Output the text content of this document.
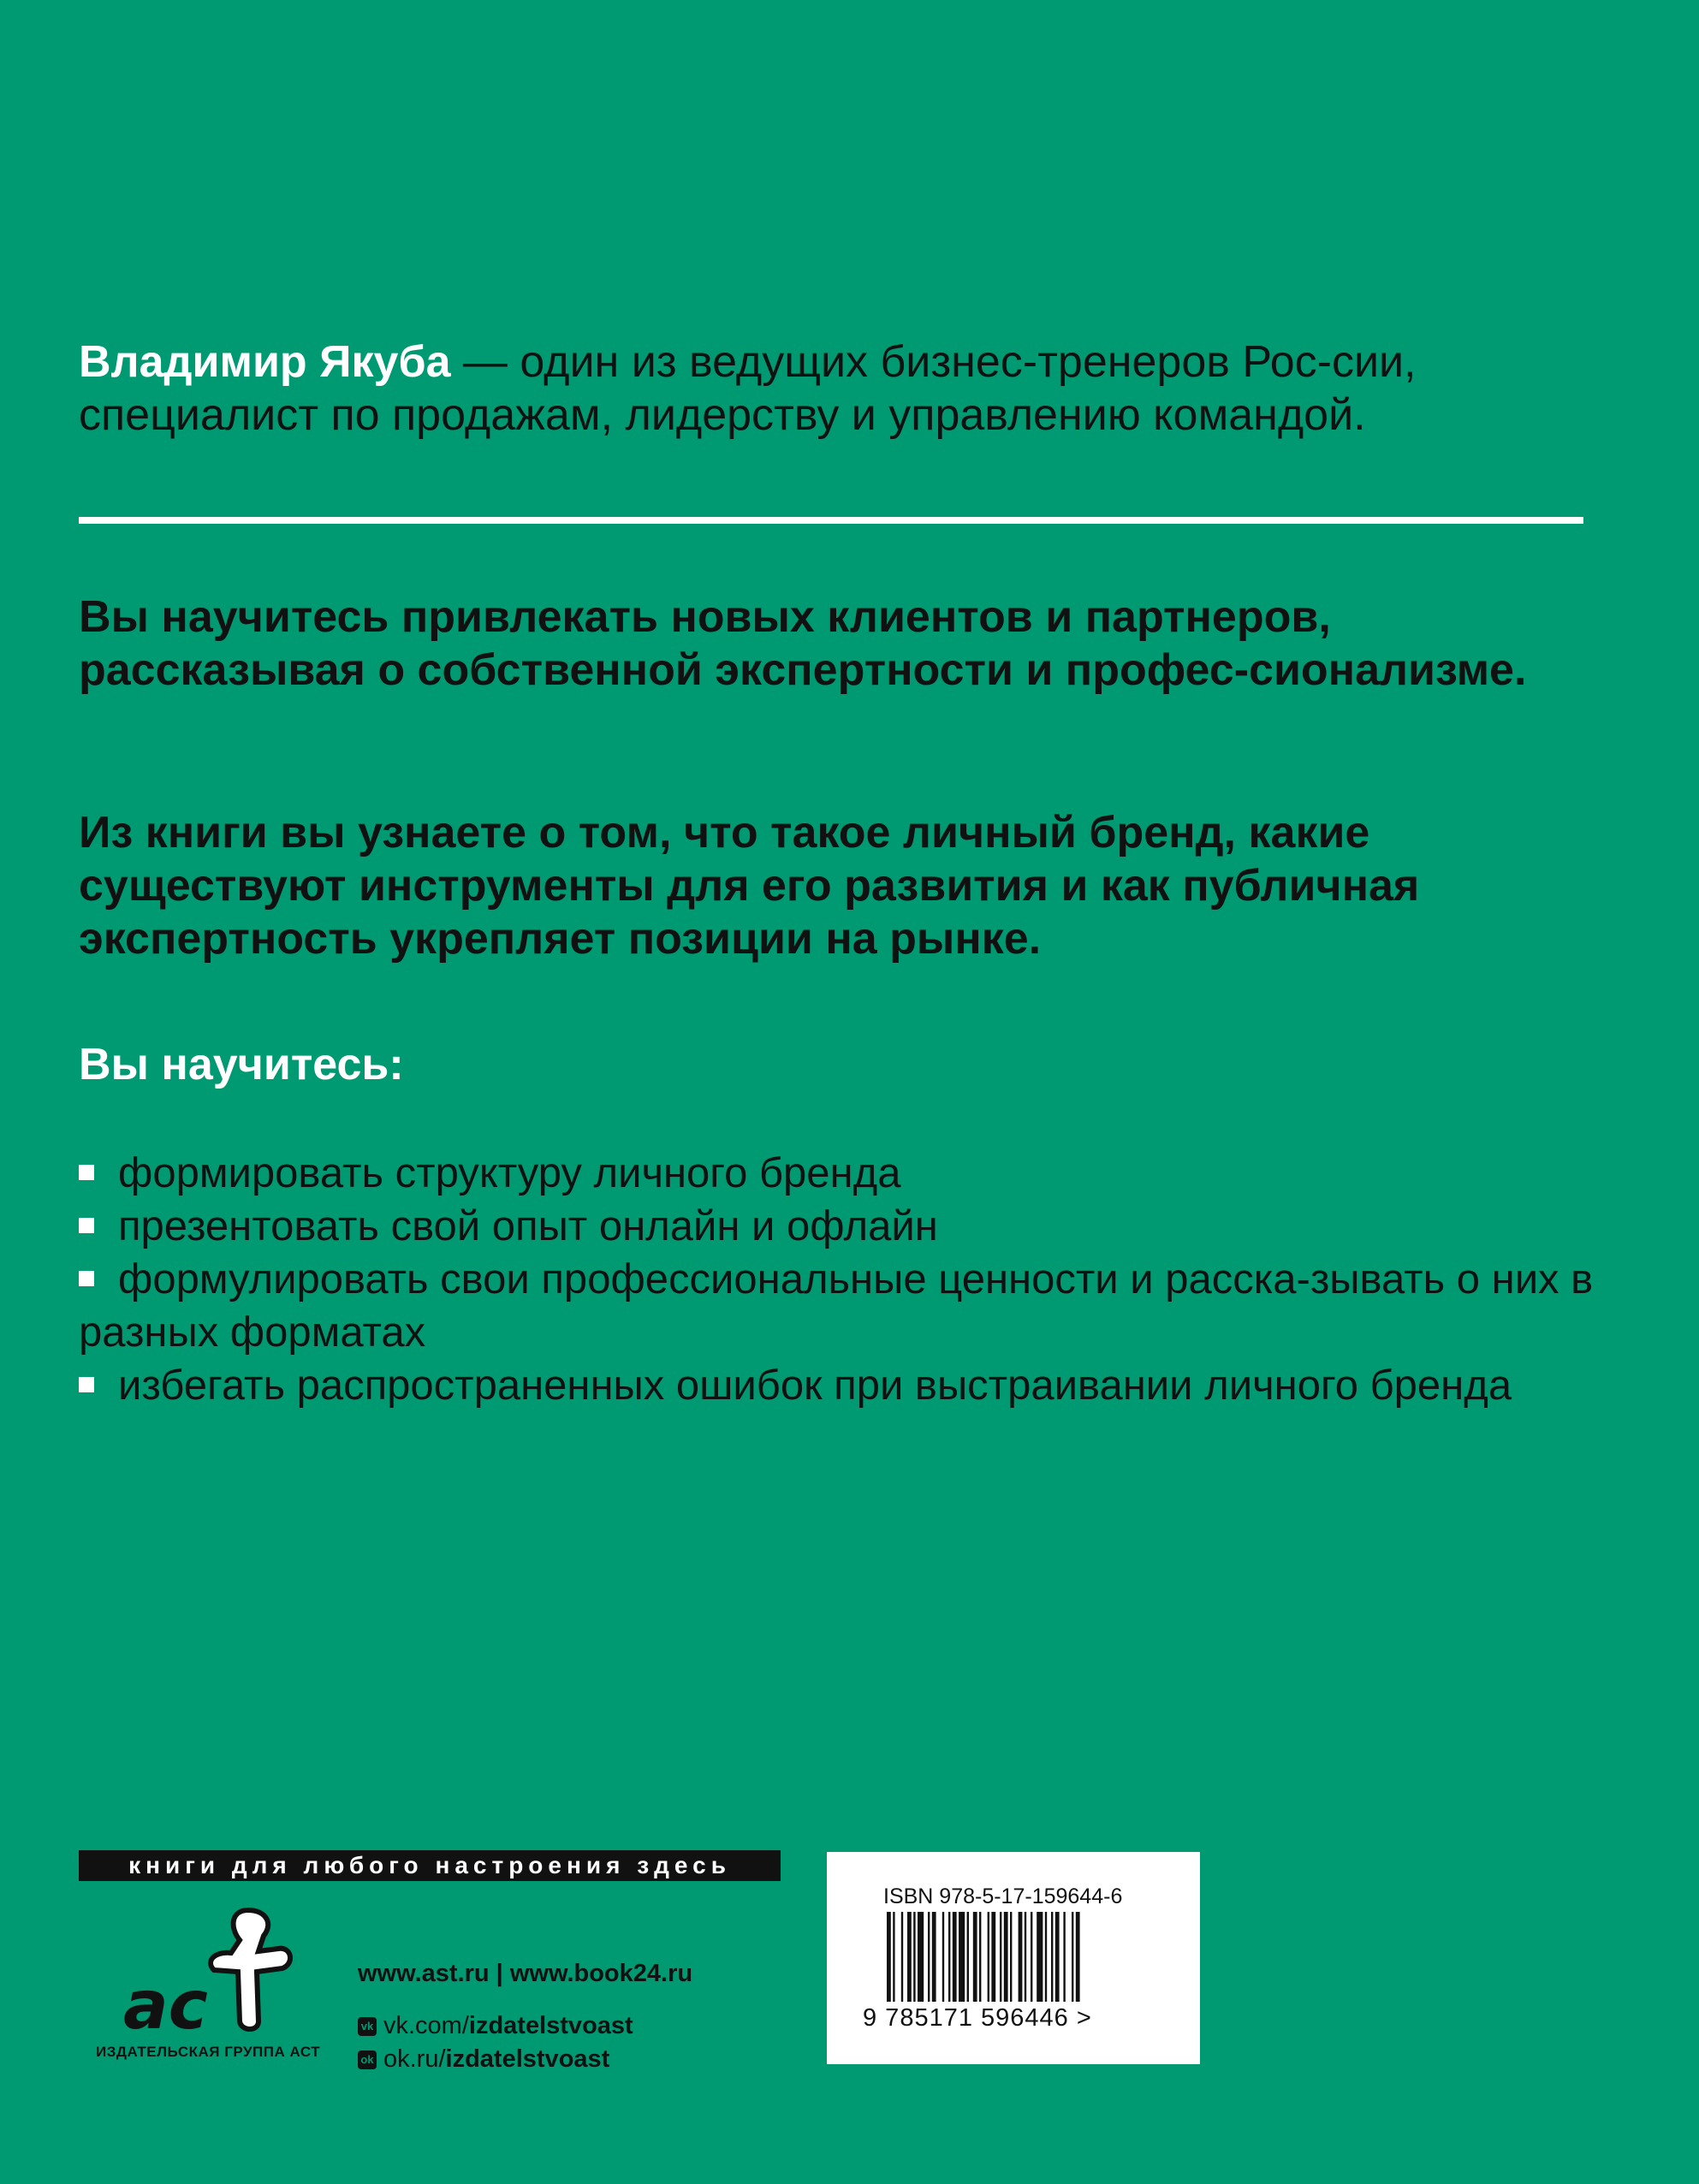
Владимир Якуба — один из ведущих бизнес-тренеров Рос-сии, специалист по продажам, лидерству и управлению командой.
Вы научитесь привлекать новых клиентов и партнеров, рассказывая о собственной экспертности и профес-сионализме.
Из книги вы узнаете о том, что такое личный бренд, какие существуют инструменты для его развития и как публичная экспертность укрепляет позиции на рынке.
Вы научитесь:
формировать структуру личного бренда
презентовать свой опыт онлайн и офлайн
формулировать свои профессиональные ценности и расска-зывать о них в разных форматах
избегать распространенных ошибок при выстраивании личного бренда
книги для любого настроения здесь
ac
ИЗДАТЕЛЬСКАЯ ГРУППА АСТ
www.ast.ru | www.book24.ru
vk vk.com/izdatelstvoast
ok ok.ru/izdatelstvoast
ISBN 978-5-17-159644-6
9 785171 596446 >
